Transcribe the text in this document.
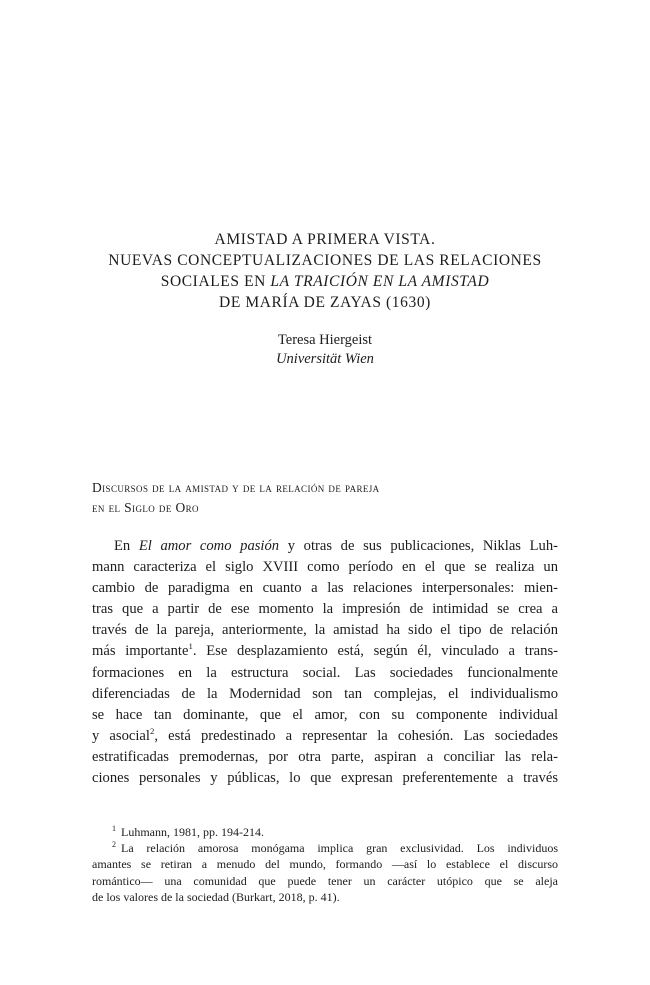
AMISTAD A PRIMERA VISTA.
NUEVAS CONCEPTUALIZACIONES DE LAS RELACIONES
SOCIALES EN LA TRAICIÓN EN LA AMISTAD
DE MARÍA DE ZAYAS (1630)
Teresa Hiergeist
Universität Wien
Discursos de la amistad y de la relación de pareja
en el Siglo de Oro
En El amor como pasión y otras de sus publicaciones, Niklas Luh-
mann caracteriza el siglo XVIII como período en el que se realiza un
cambio de paradigma en cuanto a las relaciones interpersonales: mien-
tras que a partir de ese momento la impresión de intimidad se crea a
través de la pareja, anteriormente, la amistad ha sido el tipo de relación
más importante$^1$. Ese desplazamiento está, según él, vinculado a trans-
formaciones en la estructura social. Las sociedades funcionalmente
diferenciadas de la Modernidad son tan complejas, el individualismo
se hace tan dominante, que el amor, con su componente individual
y asocial$^2$, está predestinado a representar la cohesión. Las sociedades
estratificadas premodernas, por otra parte, aspiran a conciliar las rela-
ciones personales y públicas, lo que expresan preferentemente a través
$^1$ Luhmann, 1981, pp. 194-214.
$^2$ La relación amorosa monógama implica gran exclusividad. Los individuos
amantes se retiran a menudo del mundo, formando —así lo establece el discurso
romántico— una comunidad que puede tener un carácter utópico que se aleja
de los valores de la sociedad (Burkart, 2018, p. 41).
